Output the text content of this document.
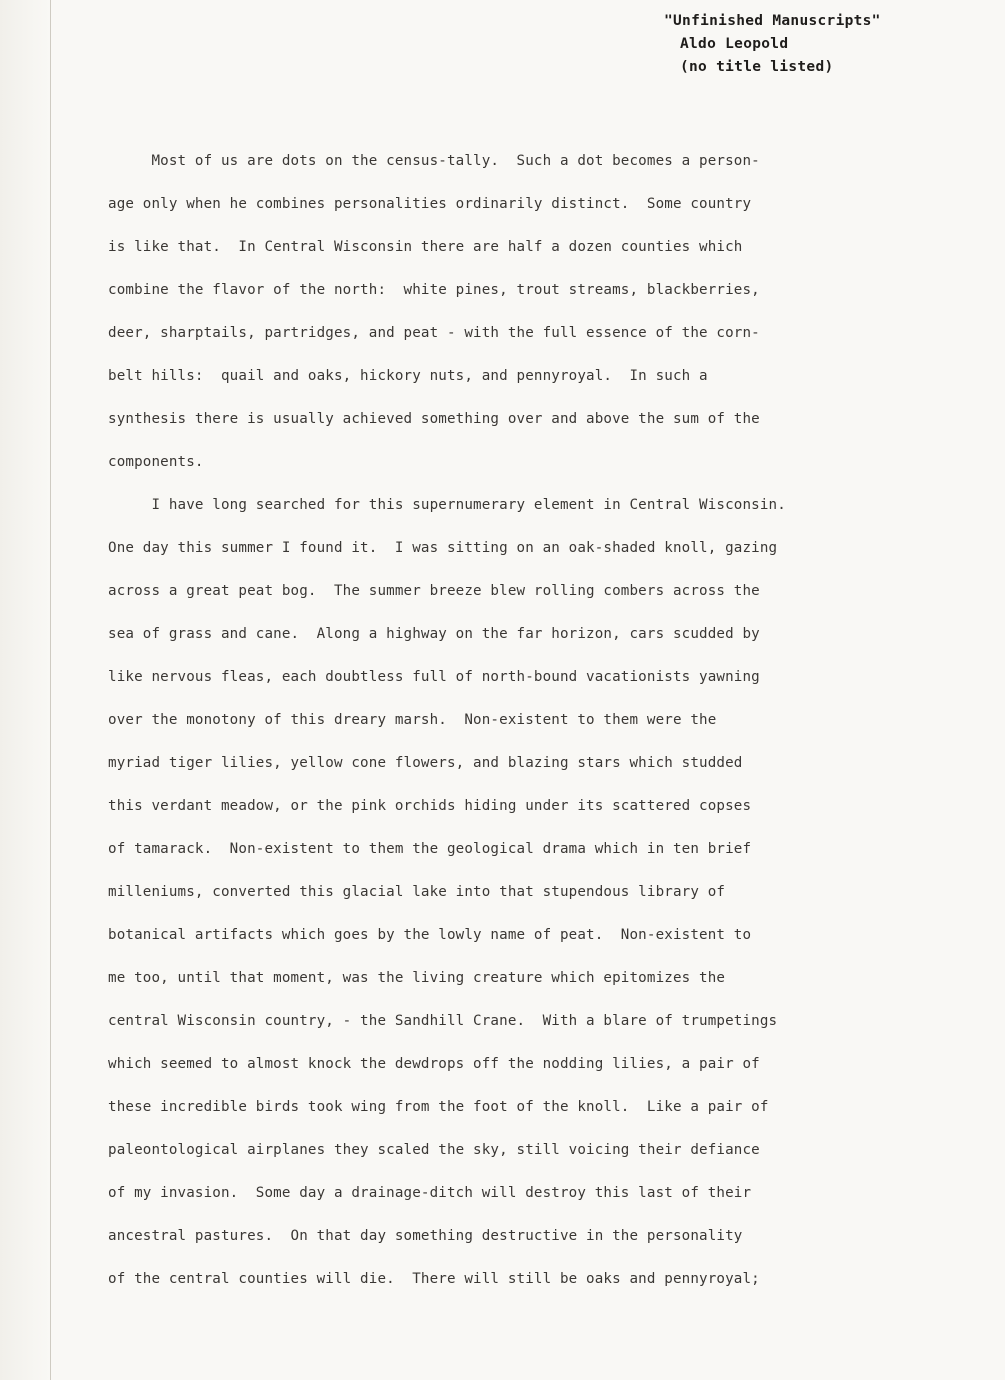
"Unfinished Manuscripts"
Aldo Leopold
(no title listed)
Most of us are dots on the census-tally.  Such a dot becomes a person-
age only when he combines personalities ordinarily distinct.  Some country
is like that.  In Central Wisconsin there are half a dozen counties which
combine the flavor of the north:  white pines, trout streams, blackberries,
deer, sharptails, partridges, and peat - with the full essence of the corn-
belt hills:  quail and oaks, hickory nuts, and pennyroyal.  In such a
synthesis there is usually achieved something over and above the sum of the
components.
I have long searched for this supernumerary element in Central Wisconsin.
One day this summer I found it.  I was sitting on an oak-shaded knoll, gazing
across a great peat bog.  The summer breeze blew rolling combers across the
sea of grass and cane.  Along a highway on the far horizon, cars scudded by
like nervous fleas, each doubtless full of north-bound vacationists yawning
over the monotony of this dreary marsh.  Non-existent to them were the
myriad tiger lilies, yellow cone flowers, and blazing stars which studded
this verdant meadow, or the pink orchids hiding under its scattered copses
of tamarack.  Non-existent to them the geological drama which in ten brief
milleniums, converted this glacial lake into that stupendous library of
botanical artifacts which goes by the lowly name of peat.  Non-existent to
me too, until that moment, was the living creature which epitomizes the
central Wisconsin country, - the Sandhill Crane.  With a blare of trumpetings
which seemed to almost knock the dewdrops off the nodding lilies, a pair of
these incredible birds took wing from the foot of the knoll.  Like a pair of
paleontological airplanes they scaled the sky, still voicing their defiance
of my invasion.  Some day a drainage-ditch will destroy this last of their
ancestral pastures.  On that day something destructive in the personality
of the central counties will die.  There will still be oaks and pennyroyal;
